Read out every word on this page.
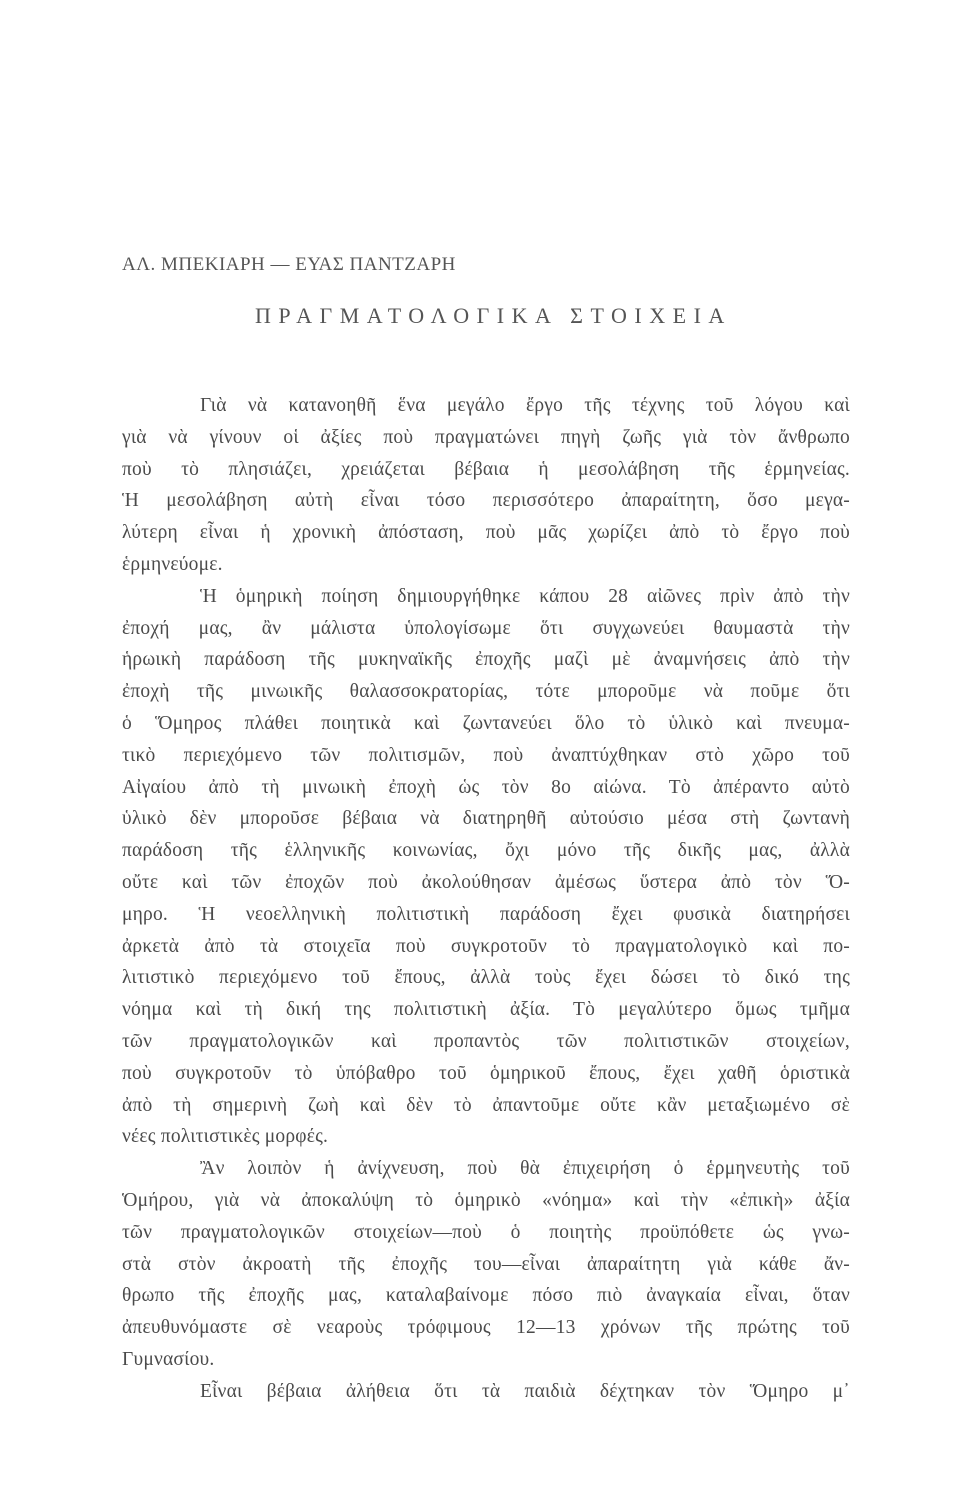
ΑΛ. ΜΠΕΚΙΑΡΗ — ΕΥΑΣ ΠΑΝΤΖΑΡΗ
ΠΡΑΓΜΑΤΟΛΟΓΙΚΑ ΣΤΟΙΧΕΙΑ
Γιὰ νὰ κατανοηθῆ ἕνα μεγάλο ἔργο τῆς τέχνης τοῦ λόγου καὶ
γιὰ νὰ γίνουν οἱ ἀξίες ποὺ πραγματώνει πηγὴ ζωῆς γιὰ τὸν ἄνθρωπο
ποὺ τὸ πλησιάζει, χρειάζεται βέβαια ἡ μεσολάβηση τῆς ἑρμηνείας.
Ἡ μεσολάβηση αὐτὴ εἶναι τόσο περισσότερο ἀπαραίτητη, ὅσο μεγα-
λύτερη εἶναι ἡ χρονικὴ ἀπόσταση, ποὺ μᾶς χωρίζει ἀπὸ τὸ ἔργο ποὺ
ἑρμηνεύομε.
Ἡ ὁμηρικὴ ποίηση δημιουργήθηκε κάπου 28 αἰῶνες πρὶν ἀπὸ τὴν
ἐποχή μας, ἂν μάλιστα ὑπολογίσωμε ὅτι συγχωνεύει θαυμαστὰ τὴν
ἡρωικὴ παράδοση τῆς μυκηναϊκῆς ἐποχῆς μαζὶ μὲ ἀναμνήσεις ἀπὸ τὴν
ἐποχὴ τῆς μινωικῆς θαλασσοκρατορίας, τότε μποροῦμε νὰ ποῦμε ὅτι
ὁ Ὅμηρος πλάθει ποιητικὰ καὶ ζωντανεύει ὅλο τὸ ὑλικὸ καὶ πνευμα-
τικὸ περιεχόμενο τῶν πολιτισμῶν, ποὺ ἀναπτύχθηκαν στὸ χῶρο τοῦ
Αἰγαίου ἀπὸ τὴ μινωικὴ ἐποχὴ ὡς τὸν 8ο αἰώνα. Τὸ ἀπέραντο αὐτὸ
ὑλικὸ δὲν μποροῦσε βέβαια νὰ διατηρηθῆ αὐτούσιο μέσα στὴ ζωντανὴ
παράδοση τῆς ἑλληνικῆς κοινωνίας, ὄχι μόνο τῆς δικῆς μας, ἀλλὰ
οὔτε καὶ τῶν ἐποχῶν ποὺ ἀκολούθησαν ἀμέσως ὕστερα ἀπὸ τὸν Ὅ-
μηρο. Ἡ νεοελληνικὴ πολιτιστικὴ παράδοση ἔχει φυσικὰ διατηρήσει
ἀρκετὰ ἀπὸ τὰ στοιχεῖα ποὺ συγκροτοῦν τὸ πραγματολογικὸ καὶ πο-
λιτιστικὸ περιεχόμενο τοῦ ἔπους, ἀλλὰ τοὺς ἔχει δώσει τὸ δικό της
νόημα καὶ τὴ δική της πολιτιστικὴ ἀξία. Τὸ μεγαλύτερο ὅμως τμῆμα
τῶν πραγματολογικῶν καὶ προπαντὸς τῶν πολιτιστικῶν στοιχείων,
ποὺ συγκροτοῦν τὸ ὑπόβαθρο τοῦ ὁμηρικοῦ ἔπους, ἔχει χαθῆ ὁριστικὰ
ἀπὸ τὴ σημερινὴ ζωὴ καὶ δὲν τὸ ἀπαντοῦμε οὔτε κἂν μεταξιωμένο σὲ
νέες πολιτιστικὲς μορφές.
Ἂν λοιπὸν ἡ ἀνίχνευση, ποὺ θὰ ἐπιχειρήση ὁ ἑρμηνευτὴς τοῦ
Ὁμήρου, γιὰ νὰ ἀποκαλύψη τὸ ὁμηρικὸ «νόημα» καὶ τὴν «ἐπικὴ» ἀξία
τῶν πραγματολογικῶν στοιχείων—ποὺ ὁ ποιητὴς προϋπόθετε ὡς γνω-
στὰ στὸν ἀκροατὴ τῆς ἐποχῆς του—εἶναι ἀπαραίτητη γιὰ κάθε ἄν-
θρωπο τῆς ἐποχῆς μας, καταλαβαίνομε πόσο πιὸ ἀναγκαία εἶναι, ὅταν
ἀπευθυνόμαστε σὲ νεαροὺς τρόφιμους 12—13 χρόνων τῆς πρώτης τοῦ
Γυμνασίου.
Εἶναι βέβαια ἀλήθεια ὅτι τὰ παιδιὰ δέχτηκαν τὸν Ὅμηρο μ᾽
